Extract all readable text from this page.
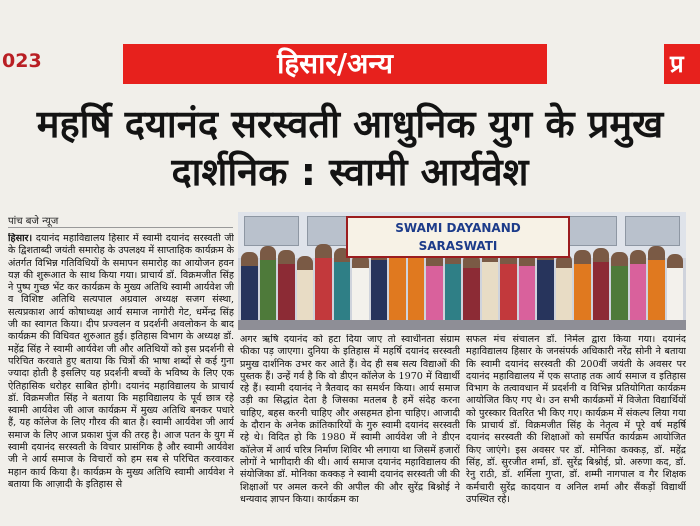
023	हिसार/अन्य	प्र
महर्षि दयानंद सरस्वती आधुनिक युग के प्रमुख दार्शनिक : स्वामी आर्यवेश
पांच बजे न्यूज

हिसार। दयानंद महाविद्यालय हिसार में स्वामी दयानंद सरस्वती जी के द्विशताब्दी जयंती समारोह के उपलक्ष्य में साप्ताहिक कार्यक्रम के अंतर्गत विभिन्न गतिविधियों के समापन समारोह का आयोजन हवन यज्ञ की शुरूआत के साथ किया गया। प्राचार्य डॉ. विक्रमजीत सिंह ने पुष्प गुच्छ भेंट कर कार्यक्रम के मुख्य अतिथि स्वामी आर्यवेश जी व विशिष्ट अतिथि सत्यपाल अग्रवाल अध्यक्ष सजग संस्था, सत्यप्रकाश आर्य कोषाध्यक्ष आर्य समाज नागोरी गेट, धर्मेन्द्र सिंह जी का स्वागत किया। दीप प्रज्वलन व प्रदर्शनी अवलोकन के बाद कार्यक्रम की विधिवत शुरुआत हुई। इतिहास विभाग के अध्यक्ष डॉ. महेंद्र सिंह ने स्वामी आर्यवेश जी और अतिथियों को इस प्रदर्शनी से परिचित करवाते हुए बताया कि चित्रों की भाषा शब्दों से कई गुना ज्यादा होती है इसलिए यह प्रदर्शनी बच्चों के भविष्य के लिए एक ऐतिहासिक धरोहर साबित होगी। दयानंद महाविद्यालय के प्राचार्य डॉ. विक्रमजीत सिंह ने बताया कि महाविद्यालय के पूर्व छात्र रहे स्वामी आर्यवेश जी आज कार्यक्रम में मुख्य अतिथि बनकर पधारे हैं, यह कॉलेज के लिए गौरव की बात है। स्वामी आर्यवेश जी आर्य समाज के लिए आज प्रकाश पुंज की तरह है। आज पतन के युग में स्वामी दयानंद सरस्वती के विचार प्रासंगिक है और स्वामी आर्यवेश जी ने आर्य समाज के विचारों को हम सब से परिचित करवाकर महान कार्य किया है। कार्यक्रम के मुख्य अतिथि स्वामी आर्यवेश ने बताया कि आज़ादी के इतिहास से

SWAMI DAYANAND
SARASWATI

अगर ऋषि दयानंद को हटा दिया जाए तो स्वाधीनता संग्राम फीका पड़ जाएगा। दुनिया के इतिहास में महर्षि दयानंद सरस्वती प्रमुख दार्शनिक उभर कर आते हैं। वेद ही सब सत्य विद्याओं की पुस्तक हैं। उन्हें गर्व है कि वो डीएन कॉलेज के 1970 में विद्यार्थी रहे हैं। स्वामी दयानंद ने त्रैतवाद का समर्थन किया। आर्य समाज उड़ी का सिद्धांत देता है जिसका मतलब है हमें संदेह करना चाहिए, बहस करनी चाहिए और असहमत होना चाहिए। आजादी के दौरान के अनेक क्रांतिकारियों के गुरु स्वामी दयानंद सरस्वती रहे थे। विदित हो कि 1980 में स्वामी आर्यवेश जी ने डीएन कॉलेज में आर्य चरित्र निर्माण शिविर भी लगाया था जिसमें हजारों लोगों ने भागीदारी की थी। आर्य समाज दयानंद महाविद्यालय की संयोजिका डॉ. मोनिका कक्कड़ ने स्वामी दयानंद सरस्वती जी की शिक्षाओं पर अमल करने की अपील की और सुरेंद्र बिश्नोई ने धन्यवाद ज्ञापन किया। कार्यक्रम का

सफल मंच संचालन डॉ. निर्मल द्वारा किया गया। दयानंद महाविद्यालय हिसार के जनसंपर्क अधिकारी नरेंद्र सोनी ने बताया कि स्वामी दयानंद सरस्वती की 200वीं जयंती के अवसर पर दयानंद महाविद्यालय में एक सप्ताह तक आर्य समाज व इतिहास विभाग के तत्वावधान में प्रदर्शनी व विभिन्न प्रतियोगिता कार्यक्रम आयोजित किए गए थे। उन सभी कार्यक्रमों में विजेता विद्यार्थियों को पुरस्कार वितरित भी किए गए। कार्यक्रम में संकल्प लिया गया कि प्राचार्य डॉ. विक्रमजीत सिंह के नेतृत्व में पूरे वर्ष महर्षि दयानंद सरस्वती की शिक्षाओं को समर्पित कार्यक्रम आयोजित किए जाएंगे। इस अवसर पर डॉ. मोनिका कक्कड़, डॉ. महेंद्र सिंह, डॉ. सुरजीत शर्मा, डॉ. सुरेंद्र बिश्नोई, प्रो. अरुणा कद, डॉ. रेनु राठी, डॉ. शर्मिला गुप्ता, डॉ. शम्मी नागपाल व गैर शिक्षक कर्मचारी सुरेंद्र कादयान व अनिल शर्मा और सैंकड़ों विद्यार्थी उपस्थित रहे।
